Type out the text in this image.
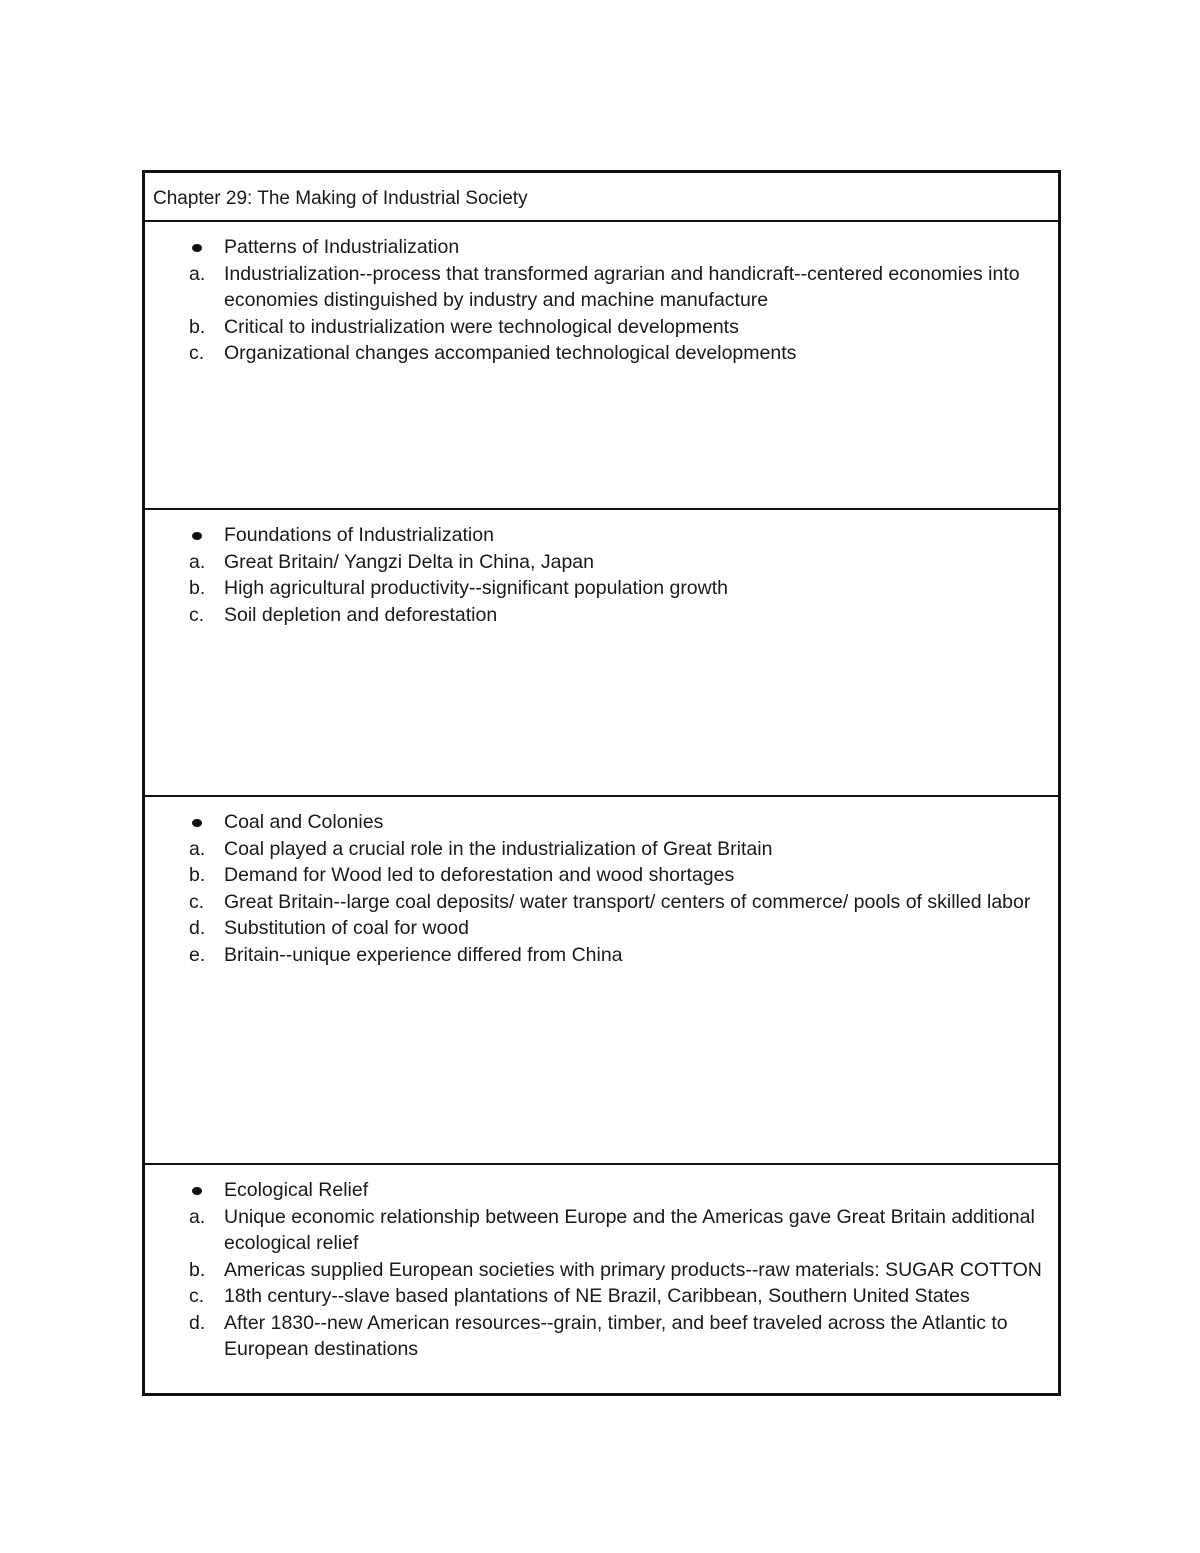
Chapter 29: The Making of Industrial Society
Patterns of Industrialization
a. Industrialization--process that transformed agrarian and handicraft--centered economies into economies distinguished by industry and machine manufacture
b. Critical to industrialization were technological developments
c.	Organizational changes accompanied technological developments
Foundations of Industrialization
a. Great Britain/ Yangzi Delta in China, Japan
b. High agricultural productivity--significant population growth
c.	Soil depletion and deforestation
Coal and Colonies
a. Coal played a crucial role in the industrialization of Great Britain
b. Demand for Wood led to deforestation and wood shortages
c.	Great Britain--large coal deposits/ water transport/ centers of commerce/ pools of skilled labor
d. Substitution of coal for wood
e. Britain--unique experience differed from China
Ecological Relief
a. Unique economic relationship between Europe and the Americas gave Great Britain additional ecological relief
b. Americas supplied European societies with primary products--raw materials: SUGAR COTTON
c.	18th century--slave based plantations of NE Brazil, Caribbean, Southern United States
d. After 1830--new American resources--grain, timber, and beef traveled across the Atlantic to European destinations
